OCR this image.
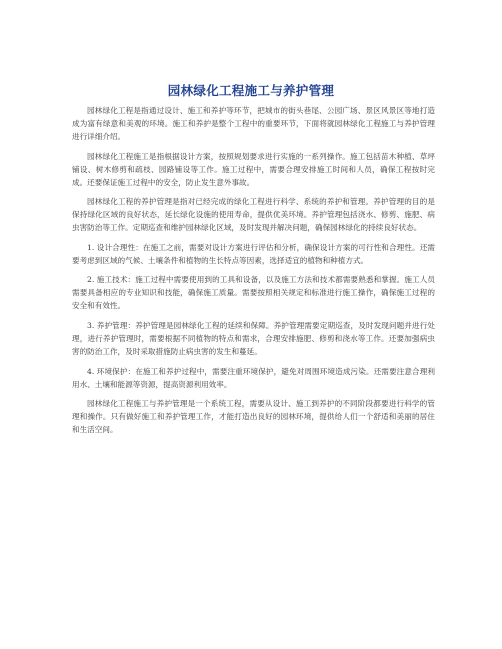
园林绿化工程施工与养护管理

园林绿化工程是指通过设计、施工和养护等环节，把城市的街头巷尾、公园广场、景区风景区等地打造成为富有绿意和美观的环境。施工和养护是整个工程中的重要环节，下面将就园林绿化工程施工与养护管理进行详细介绍。

园林绿化工程施工是指根据设计方案，按照规划要求进行实施的一系列操作。施工包括苗木种植、草坪铺设、树木修剪和疏枝、园路铺设等工作。施工过程中，需要合理安排施工时间和人员，确保工程按时完成。还要保证施工过程中的安全，防止发生意外事故。

园林绿化工程的养护管理是指对已经完成的绿化工程进行科学、系统的养护和管理。养护管理的目的是保持绿化区域的良好状态，延长绿化设施的使用寿命，提供优美环境。养护管理包括浇水、修剪、施肥、病虫害防治等工作。定期巡查和维护园林绿化区域，及时发现并解决问题，确保园林绿化的持续良好状态。

1. 设计合理性：在施工之前，需要对设计方案进行评估和分析，确保设计方案的可行性和合理性。还需要考虑到区域的气候、土壤条件和植物的生长特点等因素，选择适宜的植物和种植方式。

2. 施工技术：施工过程中需要使用到的工具和设备，以及施工方法和技术都需要熟悉和掌握。施工人员需要具备相应的专业知识和技能，确保施工质量。需要按照相关规定和标准进行施工操作，确保施工过程的安全和有效性。

3. 养护管理：养护管理是园林绿化工程的延续和保障。养护管理需要定期巡查，及时发现问题并进行处理，进行养护管理时，需要根据不同植物的特点和需求，合理安排施肥、修剪和浇水等工作。还要加强病虫害的防治工作，及时采取措施防止病虫害的发生和蔓延。

4. 环境保护：在施工和养护过程中，需要注重环境保护，避免对周围环境造成污染。还需要注意合理利用水、土壤和能源等资源，提高资源利用效率。

园林绿化工程施工与养护管理是一个系统工程，需要从设计、施工到养护的不同阶段都要进行科学的管理和操作。只有做好施工和养护管理工作，才能打造出良好的园林环境，提供给人们一个舒适和美丽的居住和生活空间。
